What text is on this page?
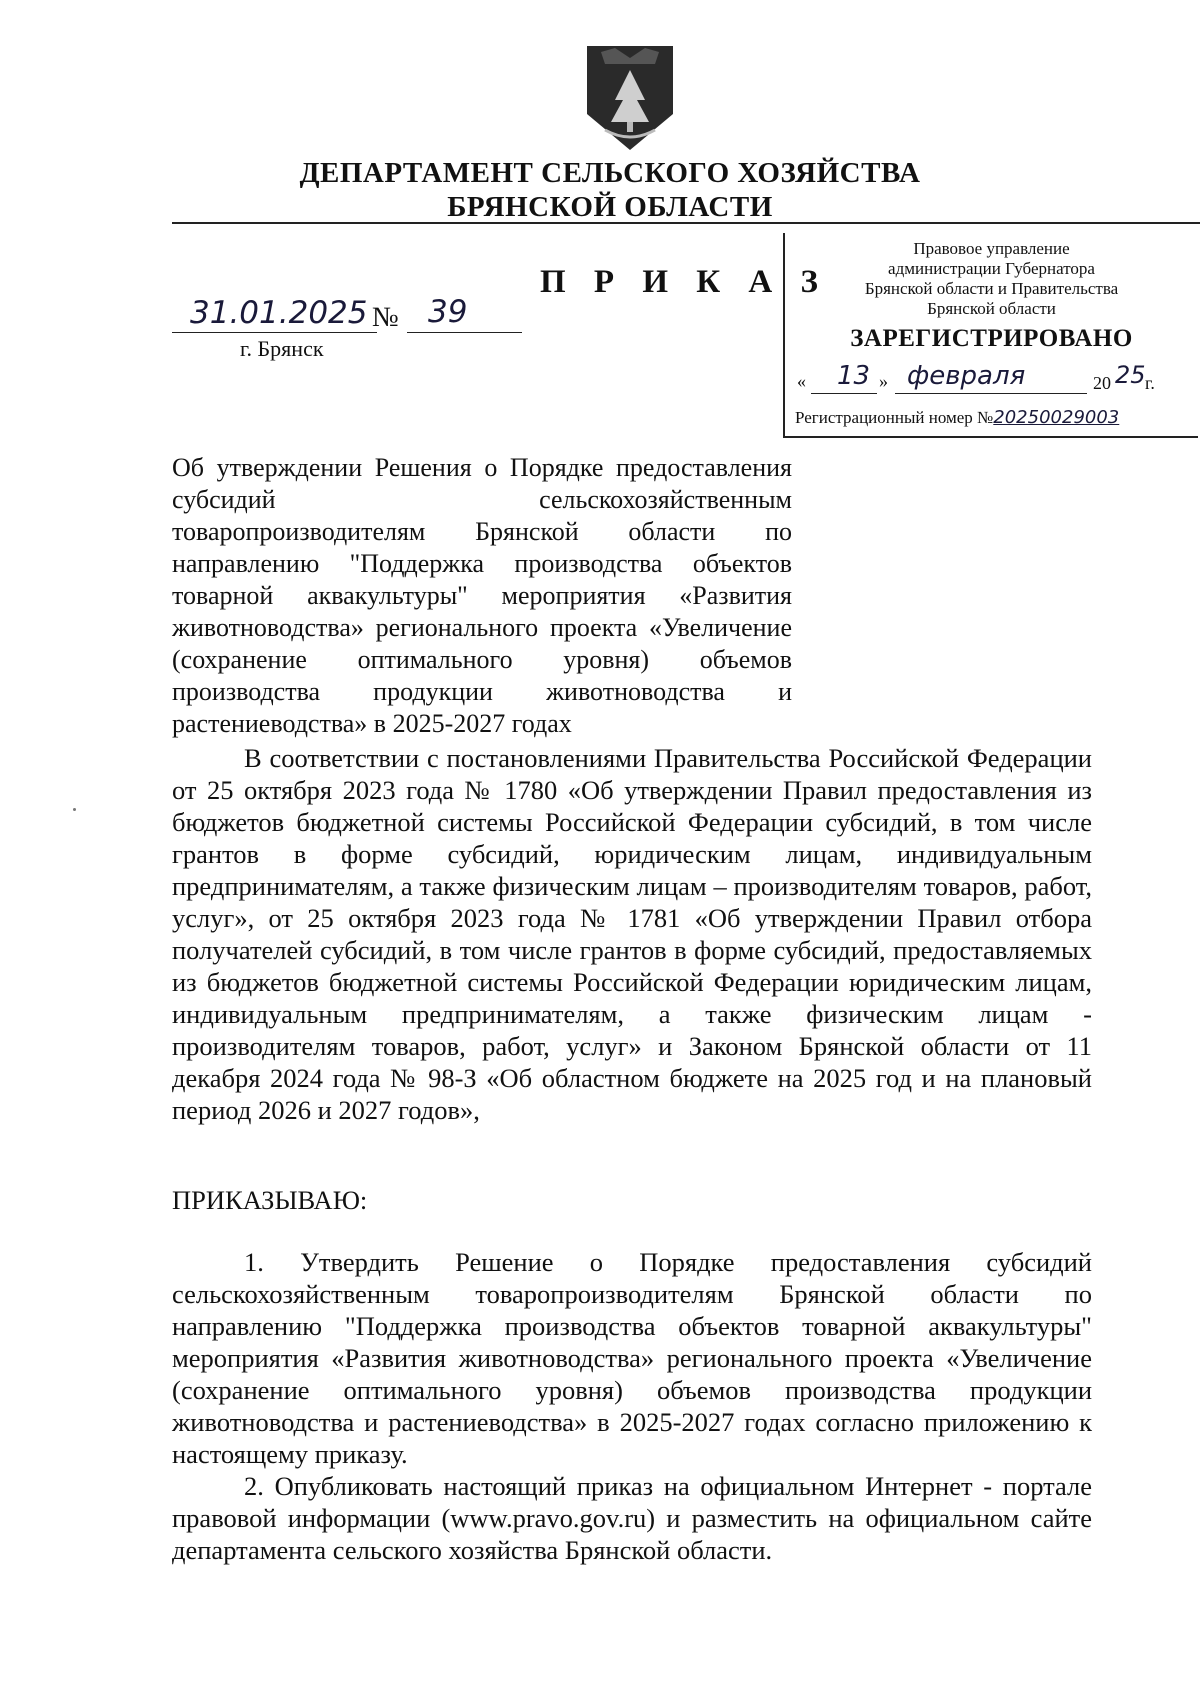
ДЕПАРТАМЕНТ СЕЛЬСКОГО ХОЗЯЙСТВА
БРЯНСКОЙ ОБЛАСТИ
П Р И К А З
31.01.2025 № 39
г. Брянск
Правовое управление
администрации Губернатора
Брянской области и Правительства
Брянской области
ЗАРЕГИСТРИРОВАНО
« 13 » февраля	20 25 г.
Регистрационный номер №20250029003
Об утверждении Решения о Порядке предоставления субсидий сельскохозяйственным товаропроизводителям Брянской области по направлению "Поддержка производства объектов товарной аквакультуры" мероприятия «Развития животноводства» регионального проекта «Увеличение (сохранение оптимального уровня) объемов производства продукции животноводства и растениеводства» в 2025-2027 годах
В соответствии с постановлениями Правительства Российской Федерации от 25 октября 2023 года № 1780 «Об утверждении Правил предоставления из бюджетов бюджетной системы Российской Федерации субсидий, в том числе грантов в форме субсидий, юридическим лицам, индивидуальным предпринимателям, а также физическим лицам – производителям товаров, работ, услуг», от 25 октября 2023 года № 1781 «Об утверждении Правил отбора получателей субсидий, в том числе грантов в форме субсидий, предоставляемых из бюджетов бюджетной системы Российской Федерации юридическим лицам, индивидуальным предпринимателям, а также физическим лицам - производителям товаров, работ, услуг» и Законом Брянской области от 11 декабря 2024 года № 98-З «Об областном бюджете на 2025 год и на плановый период 2026 и 2027 годов»,
ПРИКАЗЫВАЮ:
1. Утвердить Решение о Порядке предоставления субсидий сельскохозяйственным товаропроизводителям Брянской области по направлению "Поддержка производства объектов товарной аквакультуры" мероприятия «Развития животноводства» регионального проекта «Увеличение (сохранение оптимального уровня) объемов производства продукции животноводства и растениеводства» в 2025-2027 годах согласно приложению к настоящему приказу.
2. Опубликовать настоящий приказ на официальном Интернет - портале правовой информации (www.pravo.gov.ru) и разместить на официальном сайте департамента сельского хозяйства Брянской области.
